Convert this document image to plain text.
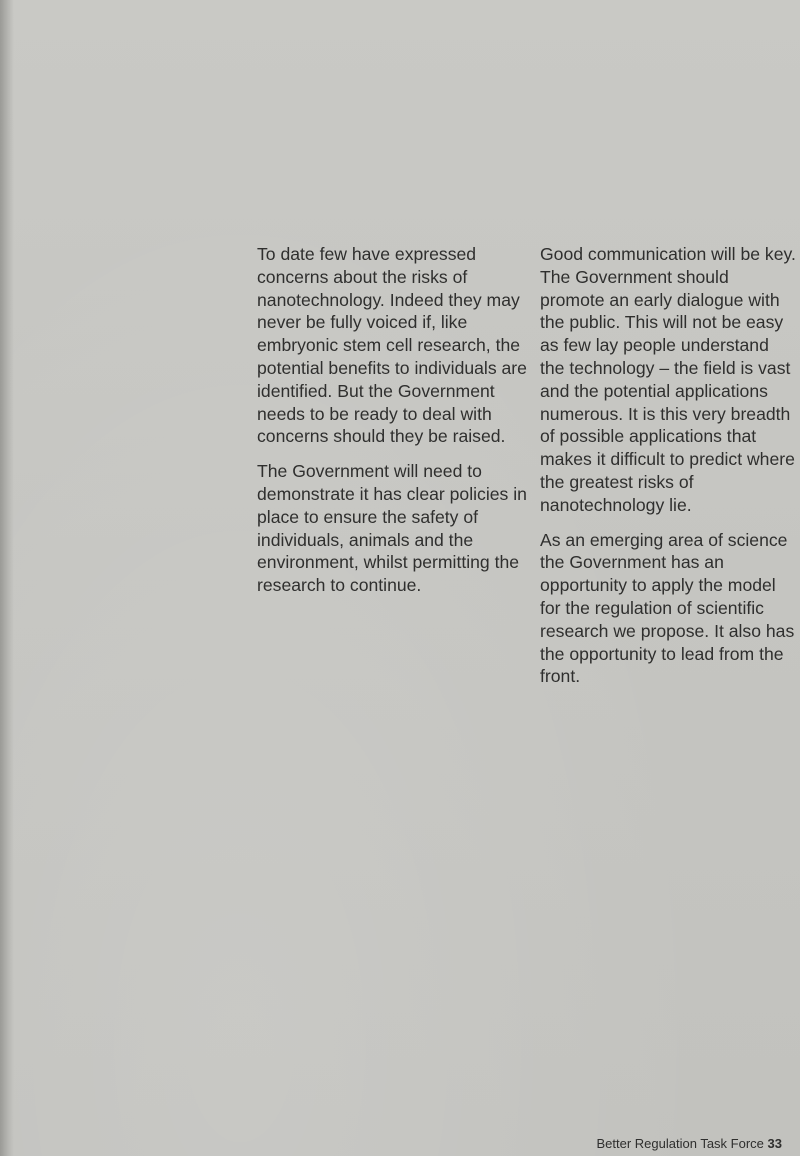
To date few have expressed concerns about the risks of nanotechnology. Indeed they may never be fully voiced if, like embryonic stem cell research, the potential benefits to individuals are identified. But the Government needs to be ready to deal with concerns should they be raised.

The Government will need to demonstrate it has clear policies in place to ensure the safety of individuals, animals and the environment, whilst permitting the research to continue.

Good communication will be key. The Government should promote an early dialogue with the public. This will not be easy as few lay people understand the technology – the field is vast and the potential applications numerous. It is this very breadth of possible applications that makes it difficult to predict where the greatest risks of nanotechnology lie.

As an emerging area of science the Government has an opportunity to apply the model for the regulation of scientific research we propose. It also has the opportunity to lead from the front.

Better Regulation Task Force 33
